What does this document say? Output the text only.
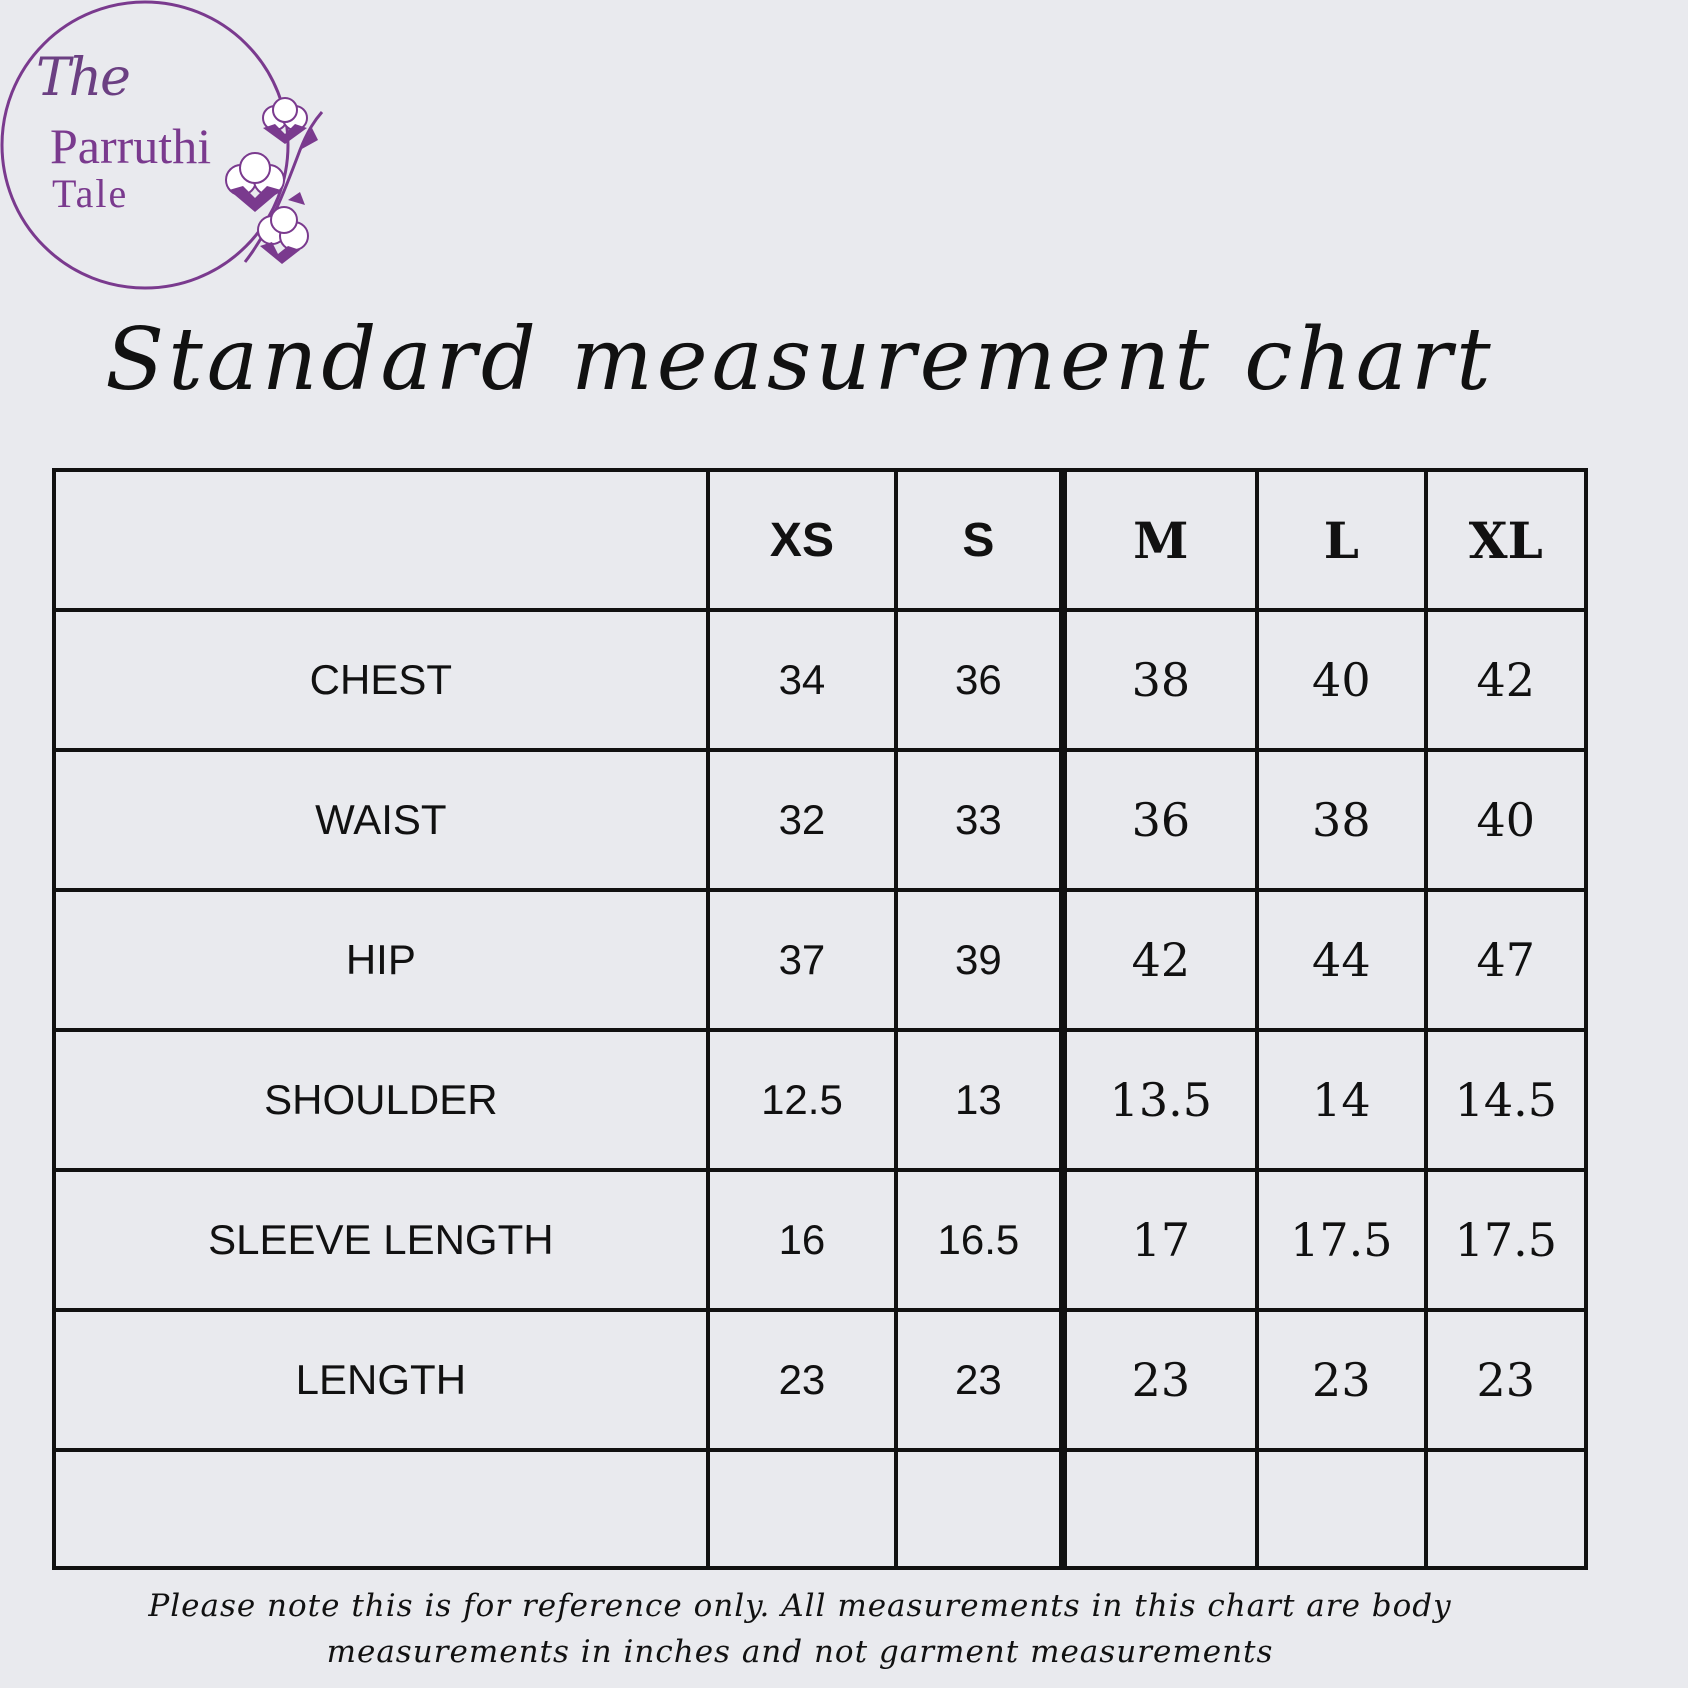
The
Parruthi
Tale
Standard measurement chart
	XS	S	M	L	XL
CHEST	34	36	38	40	42
WAIST	32	33	36	38	40
HIP	37	39	42	44	47
SHOULDER	12.5	13	13.5	14	14.5
SLEEVE LENGTH	16	16.5	17	17.5	17.5
LENGTH	23	23	23	23	23

Please note this is for reference only. All measurements in this chart are body
measurements in inches and not garment measurements
